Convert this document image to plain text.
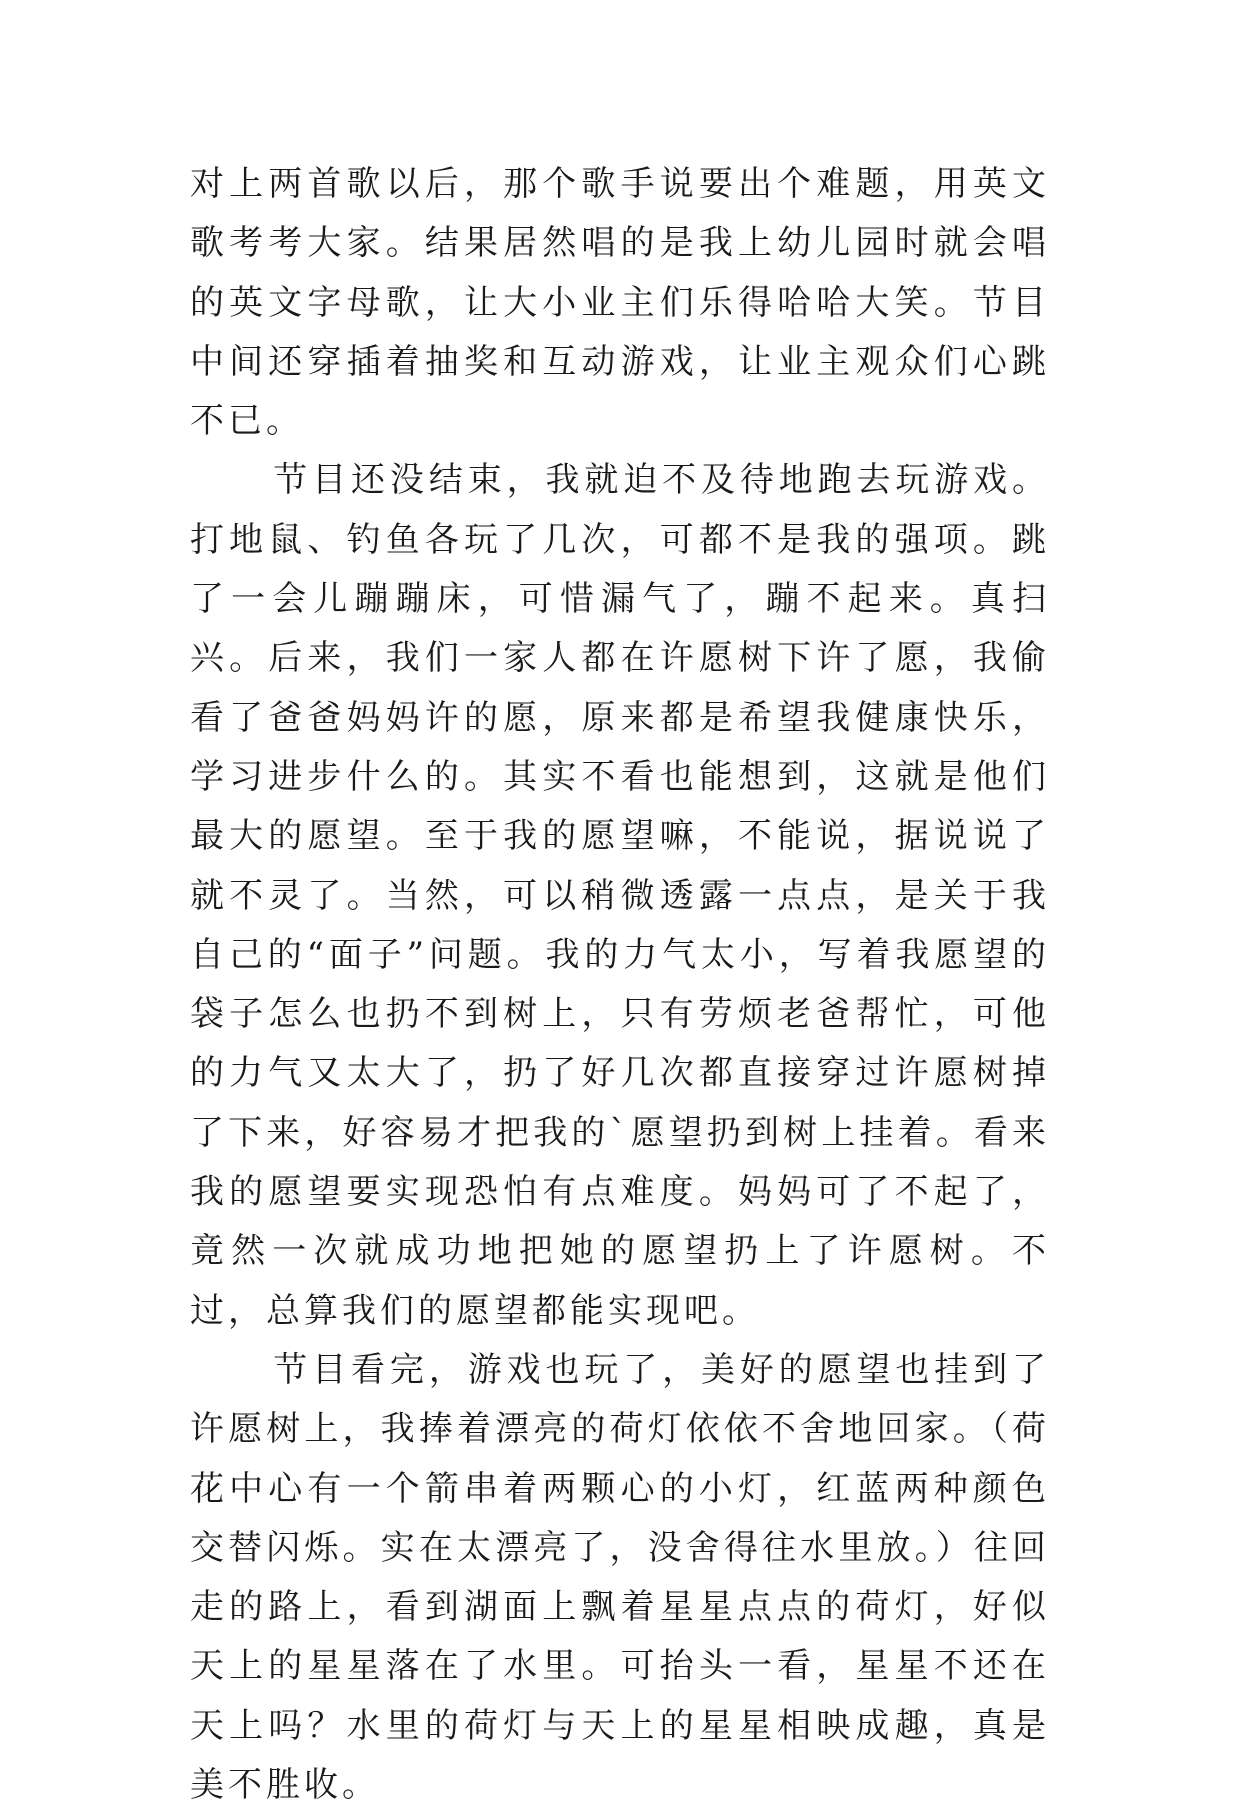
对上两首歌以后，那个歌手说要出个难题，用英文歌考考大家。结果居然唱的是我上幼儿园时就会唱的英文字母歌，让大小业主们乐得哈哈大笑。节目中间还穿插着抽奖和互动游戏，让业主观众们心跳不已。

节目还没结束，我就迫不及待地跑去玩游戏。打地鼠、钓鱼各玩了几次，可都不是我的强项。跳了一会儿蹦蹦床，可惜漏气了，蹦不起来。真扫兴。后来，我们一家人都在许愿树下许了愿，我偷看了爸爸妈妈许的愿，原来都是希望我健康快乐，学习进步什么的。其实不看也能想到，这就是他们最大的愿望。至于我的愿望嘛，不能说，据说说了就不灵了。当然，可以稍微透露一点点，是关于我自己的“面子”问题。我的力气太小，写着我愿望的袋子怎么也扔不到树上，只有劳烦老爸帮忙，可他的力气又太大了，扔了好几次都直接穿过许愿树掉了下来，好容易才把我的`愿望扔到树上挂着。看来我的愿望要实现恐怕有点难度。妈妈可了不起了，竟然一次就成功地把她的愿望扔上了许愿树。不过，总算我们的愿望都能实现吧。

节目看完，游戏也玩了，美好的愿望也挂到了许愿树上，我捧着漂亮的荷灯依依不舍地回家。（荷花中心有一个箭串着两颗心的小灯，红蓝两种颜色交替闪烁。实在太漂亮了，没舍得往水里放。）往回走的路上，看到湖面上飘着星星点点的荷灯，好似天上的星星落在了水里。可抬头一看，星星不还在天上吗？水里的荷灯与天上的星星相映成趣，真是美不胜收。
